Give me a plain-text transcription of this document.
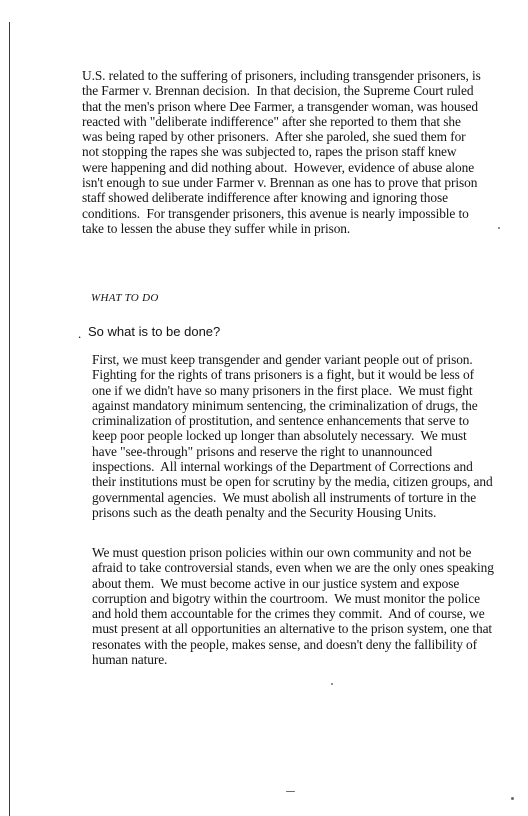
U.S. related to the suffering of prisoners, including transgender prisoners, is
the Farmer v. Brennan decision.  In that decision, the Supreme Court ruled
that the men's prison where Dee Farmer, a transgender woman, was housed
reacted with "deliberate indifference" after she reported to them that she
was being raped by other prisoners.  After she paroled, she sued them for
not stopping the rapes she was subjected to, rapes the prison staff knew
were happening and did nothing about.  However, evidence of abuse alone
isn't enough to sue under Farmer v. Brennan as one has to prove that prison
staff showed deliberate indifference after knowing and ignoring those
conditions.  For transgender prisoners, this avenue is nearly impossible to
take to lessen the abuse they suffer while in prison.
WHAT TO DO
. So what is to be done?
First, we must keep transgender and gender variant people out of prison.
Fighting for the rights of trans prisoners is a fight, but it would be less of
one if we didn't have so many prisoners in the first place.  We must fight
against mandatory minimum sentencing, the criminalization of drugs, the
criminalization of prostitution, and sentence enhancements that serve to
keep poor people locked up longer than absolutely necessary.  We must
have "see-through" prisons and reserve the right to unannounced
inspections.  All internal workings of the Department of Corrections and
their institutions must be open for scrutiny by the media, citizen groups, and
governmental agencies.  We must abolish all instruments of torture in the
prisons such as the death penalty and the Security Housing Units.
We must question prison policies within our own community and not be
afraid to take controversial stands, even when we are the only ones speaking
about them.  We must become active in our justice system and expose
corruption and bigotry within the courtroom.  We must monitor the police
and hold them accountable for the crimes they commit.  And of course, we
must present at all opportunities an alternative to the prison system, one that
resonates with the people, makes sense, and doesn't deny the fallibility of
human nature.
